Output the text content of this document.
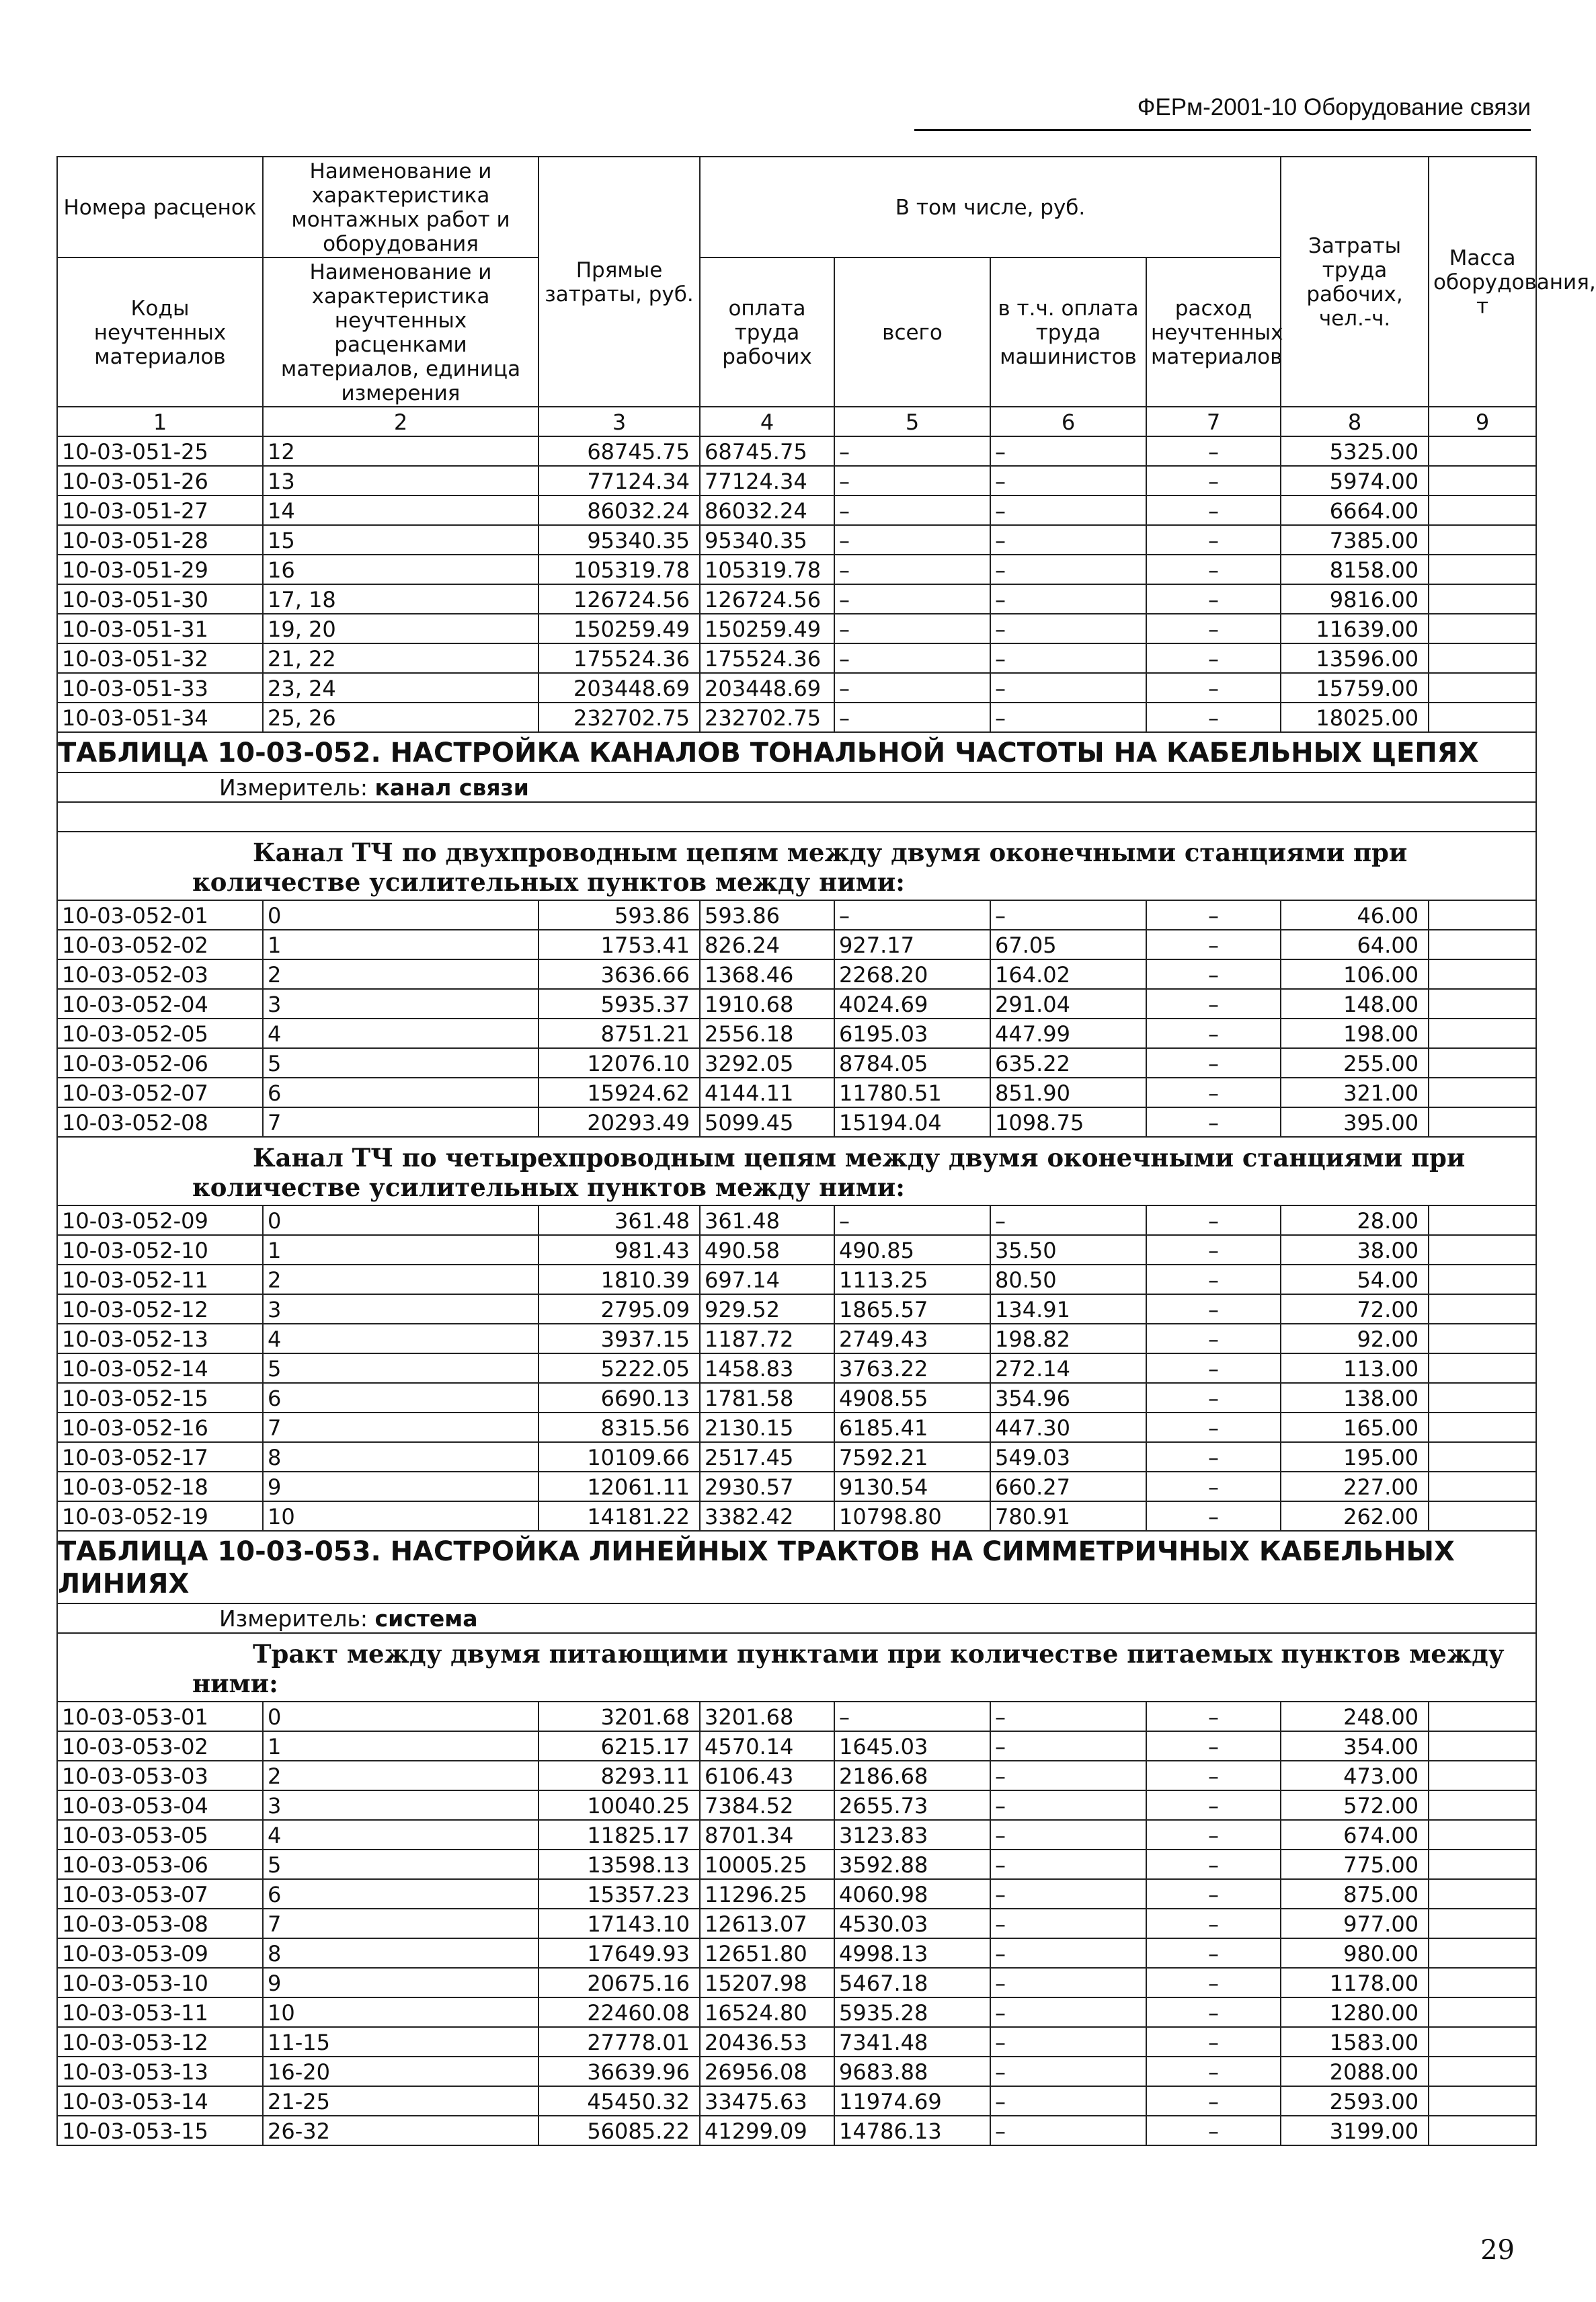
ФЕРм-2001-10 Оборудование связи
Номера расценок	Наименование и характеристика монтажных работ и оборудования	Прямые затраты, руб.	В том числе, руб.				Затраты труда рабочих, чел.-ч.	Масса оборудования, т
Коды неучтенных материалов	Наименование и характеристика неучтенных расценками материалов, единица измерения		оплата труда рабочих	всего	в т.ч. оплата труда машинистов	расход неучтенных материалов		
1	2	3	4	5	6	7	8	9
10-03-051-25	12	68745.75	68745.75	–	–	–	5325.00	
10-03-051-26	13	77124.34	77124.34	–	–	–	5974.00	
10-03-051-27	14	86032.24	86032.24	–	–	–	6664.00	
10-03-051-28	15	95340.35	95340.35	–	–	–	7385.00	
10-03-051-29	16	105319.78	105319.78	–	–	–	8158.00	
10-03-051-30	17, 18	126724.56	126724.56	–	–	–	9816.00	
10-03-051-31	19, 20	150259.49	150259.49	–	–	–	11639.00	
10-03-051-32	21, 22	175524.36	175524.36	–	–	–	13596.00	
10-03-051-33	23, 24	203448.69	203448.69	–	–	–	15759.00	
10-03-051-34	25, 26	232702.75	232702.75	–	–	–	18025.00	
ТАБЛИЦА 10-03-052. НАСТРОЙКА КАНАЛОВ ТОНАЛЬНОЙ ЧАСТОТЫ НА КАБЕЛЬНЫХ ЦЕПЯХ								
Измеритель: канал связи								

Канал ТЧ по двухпроводным цепям между двумя оконечными станциями при количестве усилительных пунктов между ними:								
10-03-052-01	0	593.86	593.86	–	–	–	46.00	
10-03-052-02	1	1753.41	826.24	927.17	67.05	–	64.00	
10-03-052-03	2	3636.66	1368.46	2268.20	164.02	–	106.00	
10-03-052-04	3	5935.37	1910.68	4024.69	291.04	–	148.00	
10-03-052-05	4	8751.21	2556.18	6195.03	447.99	–	198.00	
10-03-052-06	5	12076.10	3292.05	8784.05	635.22	–	255.00	
10-03-052-07	6	15924.62	4144.11	11780.51	851.90	–	321.00	
10-03-052-08	7	20293.49	5099.45	15194.04	1098.75	–	395.00	
Канал ТЧ по четырехпроводным цепям между двумя оконечными станциями при количестве усилительных пунктов между ними:								
10-03-052-09	0	361.48	361.48	–	–	–	28.00	
10-03-052-10	1	981.43	490.58	490.85	35.50	–	38.00	
10-03-052-11	2	1810.39	697.14	1113.25	80.50	–	54.00	
10-03-052-12	3	2795.09	929.52	1865.57	134.91	–	72.00	
10-03-052-13	4	3937.15	1187.72	2749.43	198.82	–	92.00	
10-03-052-14	5	5222.05	1458.83	3763.22	272.14	–	113.00	
10-03-052-15	6	6690.13	1781.58	4908.55	354.96	–	138.00	
10-03-052-16	7	8315.56	2130.15	6185.41	447.30	–	165.00	
10-03-052-17	8	10109.66	2517.45	7592.21	549.03	–	195.00	
10-03-052-18	9	12061.11	2930.57	9130.54	660.27	–	227.00	
10-03-052-19	10	14181.22	3382.42	10798.80	780.91	–	262.00	
ТАБЛИЦА 10-03-053. НАСТРОЙКА ЛИНЕЙНЫХ ТРАКТОВ НА СИММЕТРИЧНЫХ КАБЕЛЬНЫХ ЛИНИЯХ								
Измеритель: система								
Тракт между двумя питающими пунктами при количестве питаемых пунктов между ними:								
10-03-053-01	0	3201.68	3201.68	–	–	–	248.00	
10-03-053-02	1	6215.17	4570.14	1645.03	–	–	354.00	
10-03-053-03	2	8293.11	6106.43	2186.68	–	–	473.00	
10-03-053-04	3	10040.25	7384.52	2655.73	–	–	572.00	
10-03-053-05	4	11825.17	8701.34	3123.83	–	–	674.00	
10-03-053-06	5	13598.13	10005.25	3592.88	–	–	775.00	
10-03-053-07	6	15357.23	11296.25	4060.98	–	–	875.00	
10-03-053-08	7	17143.10	12613.07	4530.03	–	–	977.00	
10-03-053-09	8	17649.93	12651.80	4998.13	–	–	980.00	
10-03-053-10	9	20675.16	15207.98	5467.18	–	–	1178.00	
10-03-053-11	10	22460.08	16524.80	5935.28	–	–	1280.00	
10-03-053-12	11-15	27778.01	20436.53	7341.48	–	–	1583.00	
10-03-053-13	16-20	36639.96	26956.08	9683.88	–	–	2088.00	
10-03-053-14	21-25	45450.32	33475.63	11974.69	–	–	2593.00	
10-03-053-15	26-32	56085.22	41299.09	14786.13	–	–	3199.00	
29
